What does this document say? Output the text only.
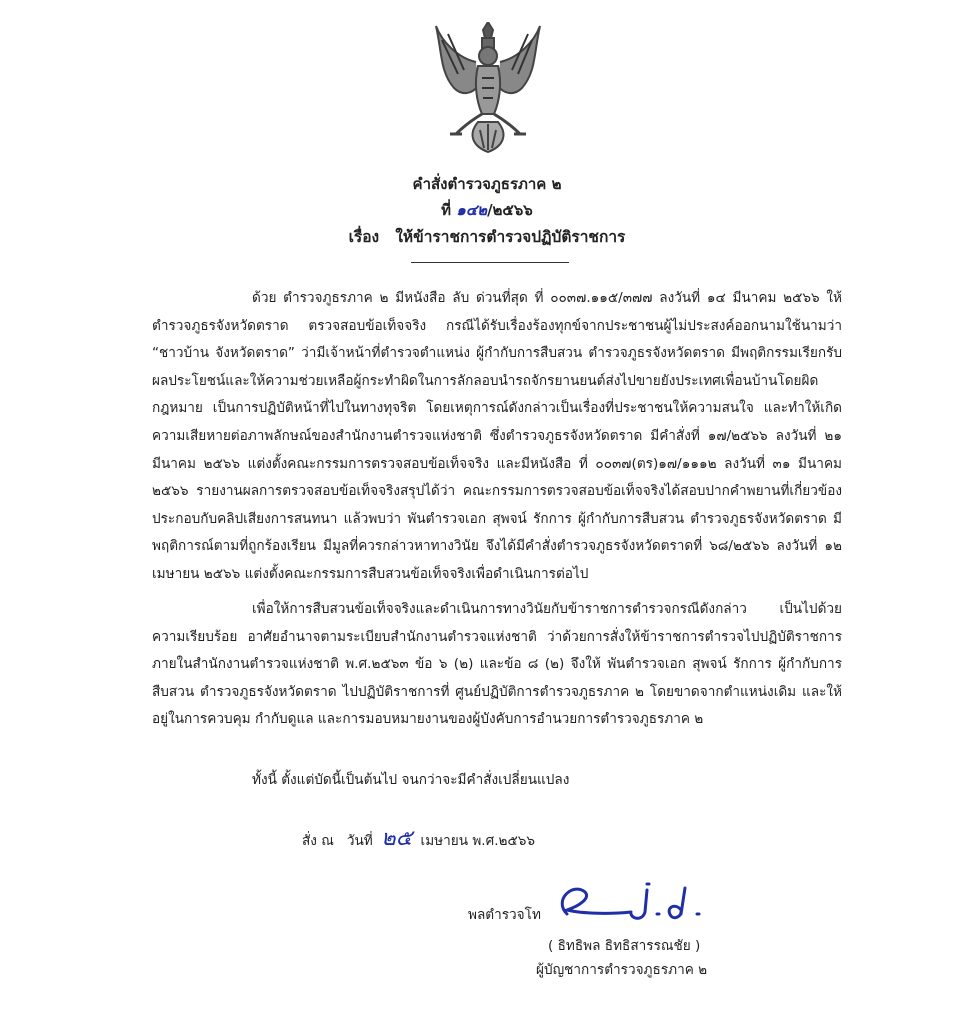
คำสั่งตำรวจภูธรภาค ๒
ที่ ๑๔๒/๒๕๖๖
เรื่อง ให้ข้าราชการตำรวจปฏิบัติราชการ

ด้วย ตำรวจภูธรภาค ๒ มีหนังสือ ลับ ด่วนที่สุด ที่ ๐๐๓๗.๑๑๕/๓๗๗ ลงวันที่ ๑๔ มีนาคม ๒๕๖๖ ให้ตำรวจภูธรจังหวัดตราด ตรวจสอบข้อเท็จจริง กรณีได้รับเรื่องร้องทุกข์จากประชาชนผู้ไม่ประสงค์ออกนามใช้นามว่า “ชาวบ้าน จังหวัดตราด” ว่ามีเจ้าหน้าที่ตำรวจตำแหน่ง ผู้กำกับการสืบสวน ตำรวจภูธรจังหวัดตราด มีพฤติกรรมเรียกรับผลประโยชน์และให้ความช่วยเหลือผู้กระทำผิดในการลักลอบนำรถจักรยานยนต์ส่งไปขายยังประเทศเพื่อนบ้านโดยผิดกฎหมาย เป็นการปฏิบัติหน้าที่ไปในทางทุจริต โดยเหตุการณ์ดังกล่าวเป็นเรื่องที่ประชาชนให้ความสนใจ และทำให้เกิดความเสียหายต่อภาพลักษณ์ของสำนักงานตำรวจแห่งชาติ ซึ่งตำรวจภูธรจังหวัดตราด มีคำสั่งที่ ๑๗/๒๕๖๖ ลงวันที่ ๒๑ มีนาคม ๒๕๖๖ แต่งตั้งคณะกรรมการตรวจสอบข้อเท็จจริง และมีหนังสือ ที่ ๐๐๓๗(ตร)๑๗/๑๑๑๒ ลงวันที่ ๓๑ มีนาคม ๒๕๖๖ รายงานผลการตรวจสอบข้อเท็จจริงสรุปได้ว่า คณะกรรมการตรวจสอบข้อเท็จจริงได้สอบปากคำพยานที่เกี่ยวข้อง ประกอบกับคลิปเสียงการสนทนา แล้วพบว่า พันตำรวจเอก สุพจน์ รักการ ผู้กำกับการสืบสวน ตำรวจภูธรจังหวัดตราด มีพฤติการณ์ตามที่ถูกร้องเรียน มีมูลที่ควรกล่าวหาทางวินัย จึงได้มีคำสั่งตำรวจภูธรจังหวัดตราดที่ ๖๘/๒๕๖๖ ลงวันที่ ๑๒ เมษายน ๒๕๖๖ แต่งตั้งคณะกรรมการสืบสวนข้อเท็จจริงเพื่อดำเนินการต่อไป

เพื่อให้การสืบสวนข้อเท็จจริงและดำเนินการทางวินัยกับข้าราชการตำรวจกรณีดังกล่าว เป็นไปด้วยความเรียบร้อย อาศัยอำนาจตามระเบียบสำนักงานตำรวจแห่งชาติ ว่าด้วยการสั่งให้ข้าราชการตำรวจไปปฏิบัติราชการภายในสำนักงานตำรวจแห่งชาติ พ.ศ.๒๕๖๓ ข้อ ๖ (๒) และข้อ ๘ (๒) จึงให้ พันตำรวจเอก สุพจน์ รักการ ผู้กำกับการสืบสวน ตำรวจภูธรจังหวัดตราด ไปปฏิบัติราชการที่ ศูนย์ปฏิบัติการตำรวจภูธรภาค ๒ โดยขาดจากตำแหน่งเดิม และให้อยู่ในการควบคุม กำกับดูแล และการมอบหมายงานของผู้บังคับการอำนวยการตำรวจภูธรภาค ๒

ทั้งนี้ ตั้งแต่บัดนี้เป็นต้นไป จนกว่าจะมีคำสั่งเปลี่ยนแปลง

สั่ง ณ วันที่ ๒๕ เมษายน พ.ศ.๒๕๖๖
พลตำรวจโท
( ธิทธิพล ธิทธิสารรณชัย )
ผู้บัญชาการตำรวจภูธรภาค ๒
